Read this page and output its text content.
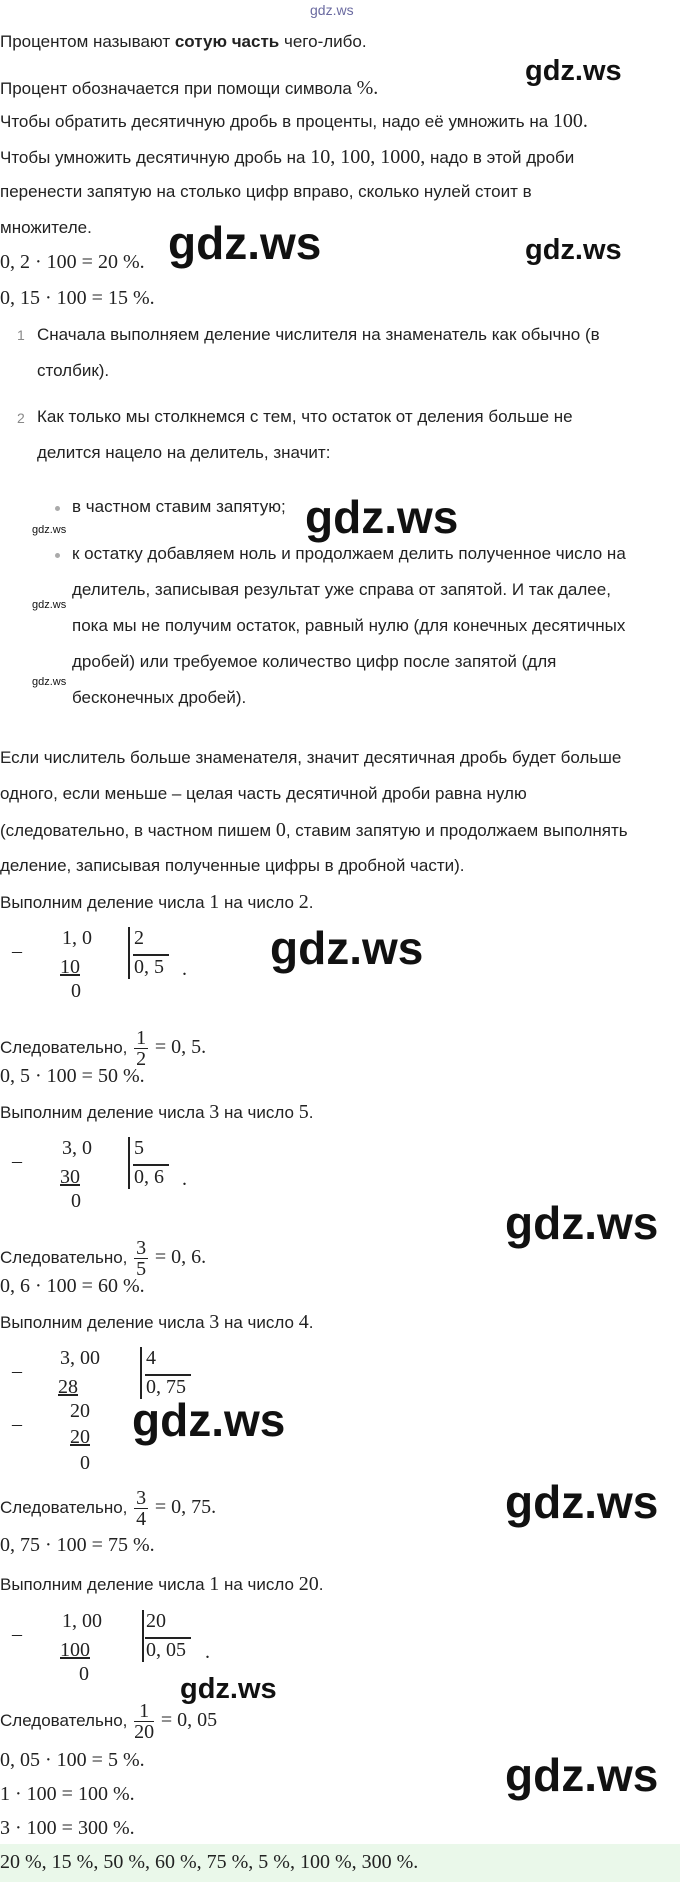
gdz.ws
Процентом называют сотую часть чего-либо.
Процент обозначается при помощи символа %.
Чтобы обратить десятичную дробь в проценты, надо её умножить на 100.
Чтобы умножить десятичную дробь на 10, 100, 1000, надо в этой дроби
перенести запятую на столько цифр вправо, сколько нулей стоит в
множителе.
0, 2 · 100 = 20 %.
0, 15 · 100 = 15 %.
1 Сначала выполняем деление числителя на знаменатель как обычно (в
столбик).
2 Как только мы столкнемся с тем, что остаток от деления больше не
делится нацело на делитель, значит:
в частном ставим запятую;
к остатку добавляем ноль и продолжаем делить полученное число на
делитель, записывая результат уже справа от запятой. И так далее,
пока мы не получим остаток, равный нулю (для конечных десятичных
дробей) или требуемое количество цифр после запятой (для
бесконечных дробей).
Если числитель больше знаменателя, значит десятичная дробь будет больше
одного, если меньше – целая часть десятичной дроби равна нулю
(следовательно, в частном пишем 0, ставим запятую и продолжаем выполнять
деление, записывая полученные цифры в дробной части).
Выполним деление числа 1 на число 2.
–
1, 0
10
0
2
0, 5 .
Следовательно, $\frac{1}{2} = 0$, 5.
0, 5 · 100 = 50 %.
Выполним деление числа 3 на число 5.
–
3, 0
30
0
5
0, 6 .
Следовательно, $\frac{3}{5} = 0$, 6.
0, 6 · 100 = 60 %.
Выполним деление числа 3 на число 4.
–
3, 00
28
–
20
20
0
4
0, 75
Следовательно, $\frac{3}{4} = 0$, 75.
0, 75 · 100 = 75 %.
Выполним деление числа 1 на число 20.
–
1, 00
100
0
20
0, 05 .
Следовательно, $\frac{1}{20} = 0$, 05
0, 05 · 100 = 5 %.
1 · 100 = 100 %.
3 · 100 = 300 %.
20 %, 15 %, 50 %, 60 %, 75 %, 5 %, 100 %, 300 %.
gdz.ws
gdz.ws	gdz.ws
gdz.ws	gdz.ws
gdz.ws
gdz.ws
gdz.ws
gdz.ws
gdz.ws
gdz.ws
gdz.ws
gdz.ws
